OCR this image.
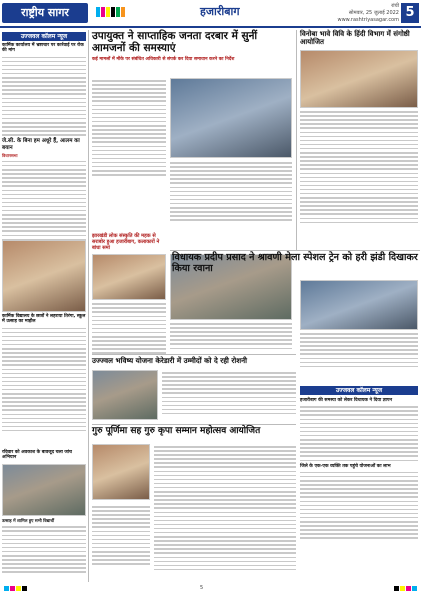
राष्ट्रीय सागर	हजारीबाग	रांची
सोमवार, 25 जुलाई 2022
www.rashtriyasagar.com 5
उज्जवल कॉलम न्यूज
कार्मिक कार्यालय में भ्रष्टाचार पर कार्रवाई पर रोक की मांग
जे.सी. के बिना हम अधूरे हैं, आलम का बयान
विधानसभा
कार्मिक विद्यालय के छात्रों ने लहराया तिरंगा, स्कूल में उत्साह का माहौल
रविवार को अवकाश के बावजूद चला जांच अभियान
उत्साह में शामिल हुए सभी विद्यार्थी
उपायुक्त ने साप्ताहिक जनता दरबार में सुनीं आमजनों की समस्याएं
कई मामलों में मौके पर संबंधित अधिकारी से संपर्क कर दिया समाधान करने का निर्देश
झारखंडी लोक संस्कृति की महक से सराबोर हुआ हजारीबाग, कलाकारों ने बांधा समां
विनोबा भावे विवि के हिंदी विभाग में संगोष्ठी आयोजित
विधायक प्रदीप प्रसाद ने श्रावणी मेला स्पेशल ट्रेन को हरी झंडी दिखाकर किया रवाना
उज्जवल कॉलम न्यूज
हजारीबाग की समस्या को लेकर विधायक ने दिया ज्ञापन
जिले के एक-एक व्यक्ति तक पहुंचे योजनाओं का लाभ
उज्ज्वल भविष्य योजना केरेडारी में उम्मीदों को दे रही रोशनी
गुरु पूर्णिमा सह गुरु कृपा सम्मान महोत्सव आयोजित
5
